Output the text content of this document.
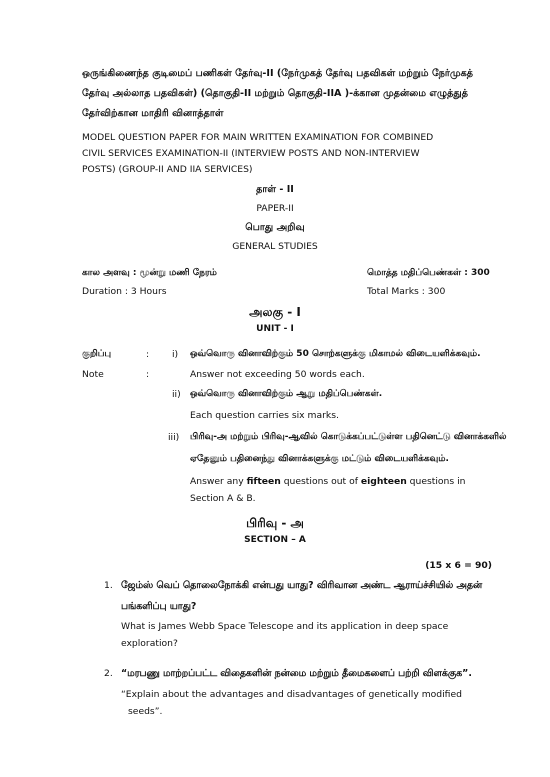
ஒருங்கிணைந்த குடிமைப் பணிகள் தேர்வு-II (நேர்முகத் தேர்வு பதவிகள் மற்றும் நேர்முகத்
தேர்வு அல்லாத பதவிகள்) (தொகுதி-II மற்றும் தொகுதி-IIA )-க்கான முதன்மை எழுத்துத்
தேர்விற்கான மாதிரி வினாத்தாள்
MODEL QUESTION PAPER FOR MAIN WRITTEN EXAMINATION FOR COMBINED
CIVIL SERVICES EXAMINATION-II (INTERVIEW POSTS AND NON-INTERVIEW
POSTS) (GROUP-II AND IIA SERVICES)
தாள் - II
PAPER-II
பொது அறிவு
GENERAL STUDIES
கால அளவு : மூன்று மணி நேரம்	மொத்த மதிப்பெண்கள் : 300
Duration : 3 Hours	Total Marks : 300
அலகு - I
UNIT - I
குறிப்பு	: i) ஒவ்வொரு வினாவிற்கும் 50 சொற்களுக்கு மிகாமல் விடையளிக்கவும்.
Note	:	Answer not exceeding 50 words each.
ii) ஒவ்வொரு வினாவிற்கும் ஆறு மதிப்பெண்கள்.
Each question carries six marks.
iii) பிரிவு-அ மற்றும் பிரிவு-ஆவில் கொடுக்கப்பட்டுள்ள பதினெட்டு வினாக்களில்
ஏதேனும் பதினைந்து வினாக்களுக்கு மட்டும் விடையளிக்கவும்.
Answer any fifteen questions out of eighteen questions in
Section A & B.
பிரிவு - அ
SECTION – A
(15 x 6 = 90)
1. ஜேம்ஸ் வெப் தொலைநோக்கி என்பது யாது? விரிவான அண்ட ஆராய்ச்சியில் அதன்
பங்களிப்பு யாது?
What is James Webb Space Telescope and its application in deep space
exploration?
2. “மரபணு மாற்றப்பட்ட விதைகளின் நன்மை மற்றும் தீமைகளைப் பற்றி விளக்குக”.
“Explain about the advantages and disadvantages of genetically modified
seeds”.
